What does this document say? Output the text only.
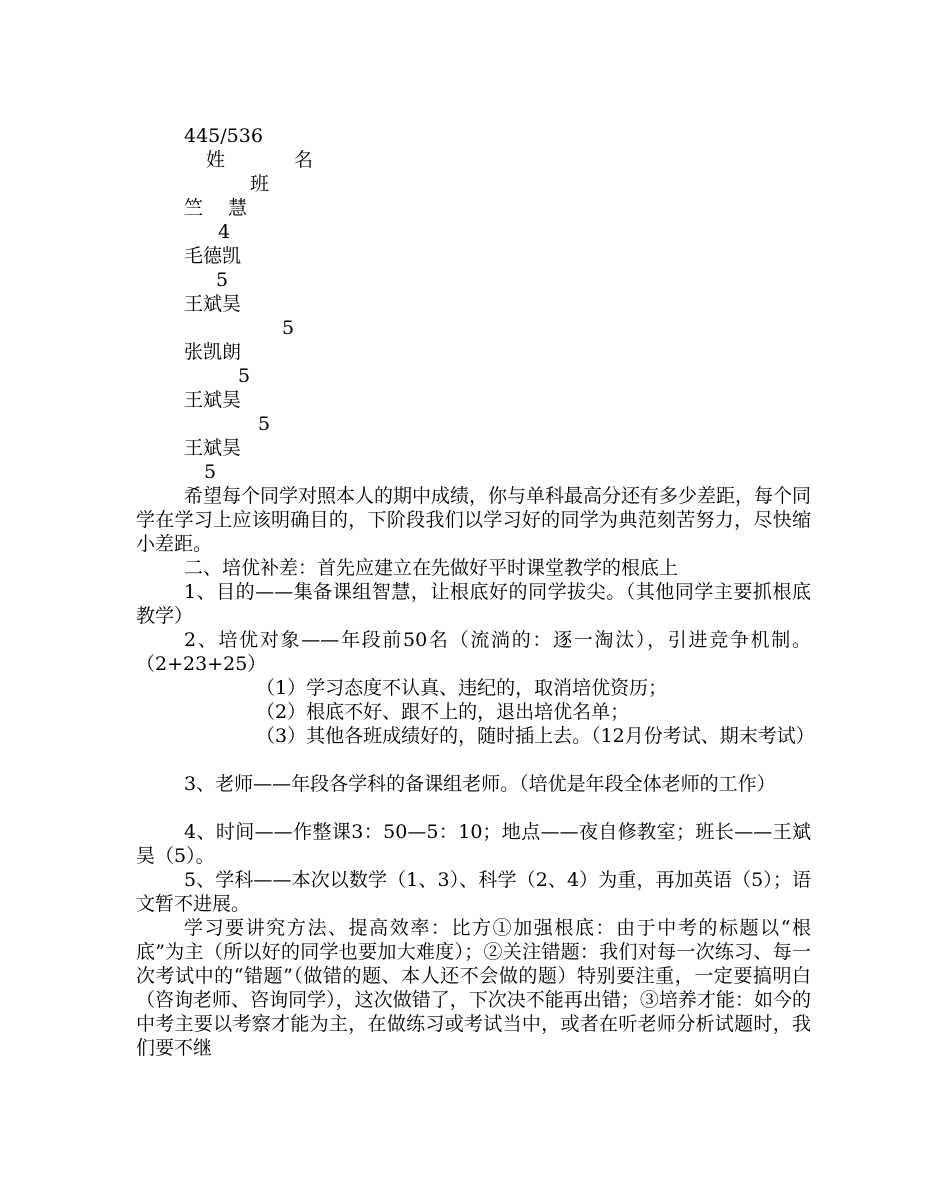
445/536
姓	名
班
竺　 慧
4
毛德凯
5
王斌昊
5
张凯朗
5
王斌昊
5
王斌昊
5

希望每个同学对照本人的期中成绩，你与单科最高分还有多少差距，每个同学在学习上应该明确目的，下阶段我们以学习好的同学为典范刻苦努力，尽快缩小差距。

二、培优补差：首先应建立在先做好平时课堂教学的根底上

1、目的——集备课组智慧，让根底好的同学拔尖。（其他同学主要抓根底教学）

2、培优对象——年段前50名（流淌的：逐一淘汰），引进竞争机制。（2+23+25）

（1）学习态度不认真、违纪的，取消培优资历；

（2）根底不好、跟不上的，退出培优名单；

（3）其他各班成绩好的，随时插上去。（12月份考试、期末考试）

3、老师——年段各学科的备课组老师。（培优是年段全体老师的工作）

4、时间——作整课3：50—5：10；地点——夜自修教室；班长——王斌昊（5）。

5、学科——本次以数学（1、3）、科学（2、4）为重，再加英语（5）；语文暂不进展。

学习要讲究方法、提高效率：比方①加强根底：由于中考的标题以“根底”为主（所以好的同学也要加大难度）；②关注错题：我们对每一次练习、每一次考试中的“错题”（做错的题、本人还不会做的题）特别要注重，一定要搞明白（咨询老师、咨询同学），这次做错了，下次决不能再出错；③培养才能：如今的中考主要以考察才能为主，在做练习或考试当中，或者在听老师分析试题时，我们要不继
